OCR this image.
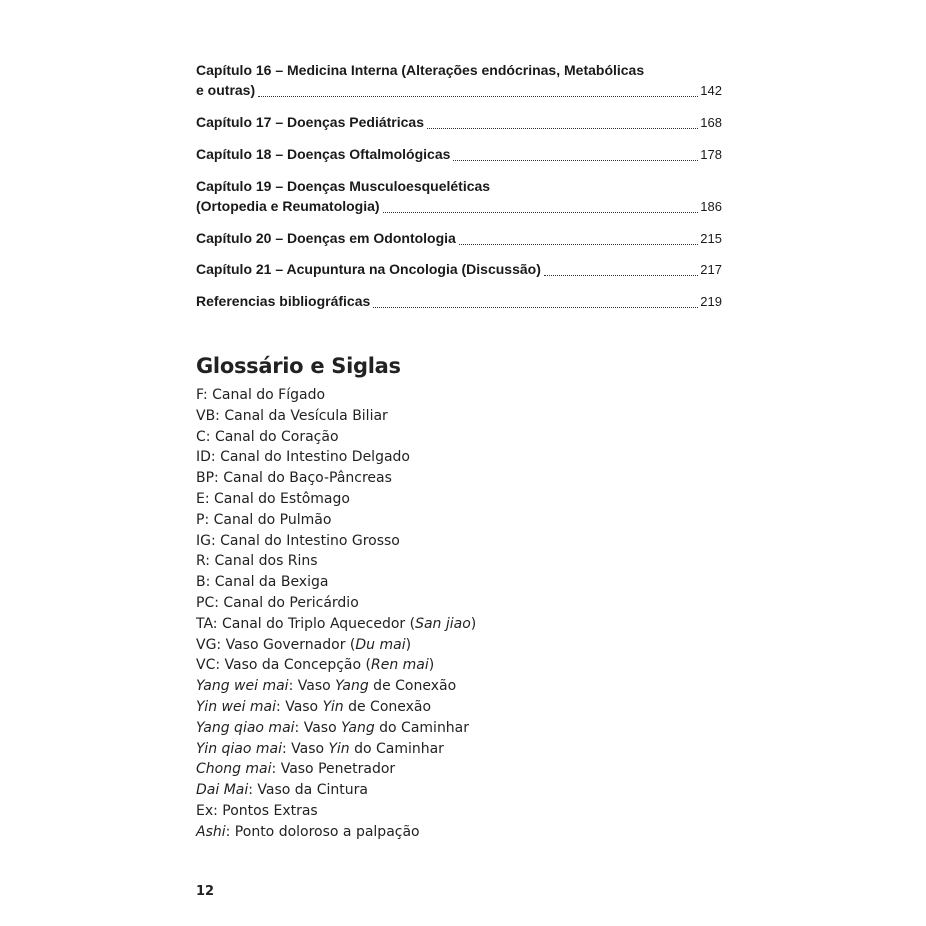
Capítulo 16 – Medicina Interna (Alterações endócrinas, Metabólicas
e outras)	142
Capítulo 17 – Doenças Pediátricas	168
Capítulo 18 – Doenças Oftalmológicas	178
Capítulo 19 – Doenças Musculoesqueléticas
(Ortopedia e Reumatologia)	186
Capítulo 20 – Doenças em Odontologia	215
Capítulo 21 – Acupuntura na Oncologia (Discussão)	217
Referencias bibliográficas	219
Glossário e Siglas
F: Canal do Fígado
VB: Canal da Vesícula Biliar
C: Canal do Coração
ID: Canal do Intestino Delgado
BP: Canal do Baço-Pâncreas
E: Canal do Estômago
P: Canal do Pulmão
IG: Canal do Intestino Grosso
R: Canal dos Rins
B: Canal da Bexiga
PC: Canal do Pericárdio
TA: Canal do Triplo Aquecedor (San jiao)
VG: Vaso Governador (Du mai)
VC: Vaso da Concepção (Ren mai)
Yang wei mai: Vaso Yang de Conexão
Yin wei mai: Vaso Yin de Conexão
Yang qiao mai: Vaso Yang do Caminhar
Yin qiao mai: Vaso Yin do Caminhar
Chong mai: Vaso Penetrador
Dai Mai: Vaso da Cintura
Ex: Pontos Extras
Ashi: Ponto doloroso a palpação
12
